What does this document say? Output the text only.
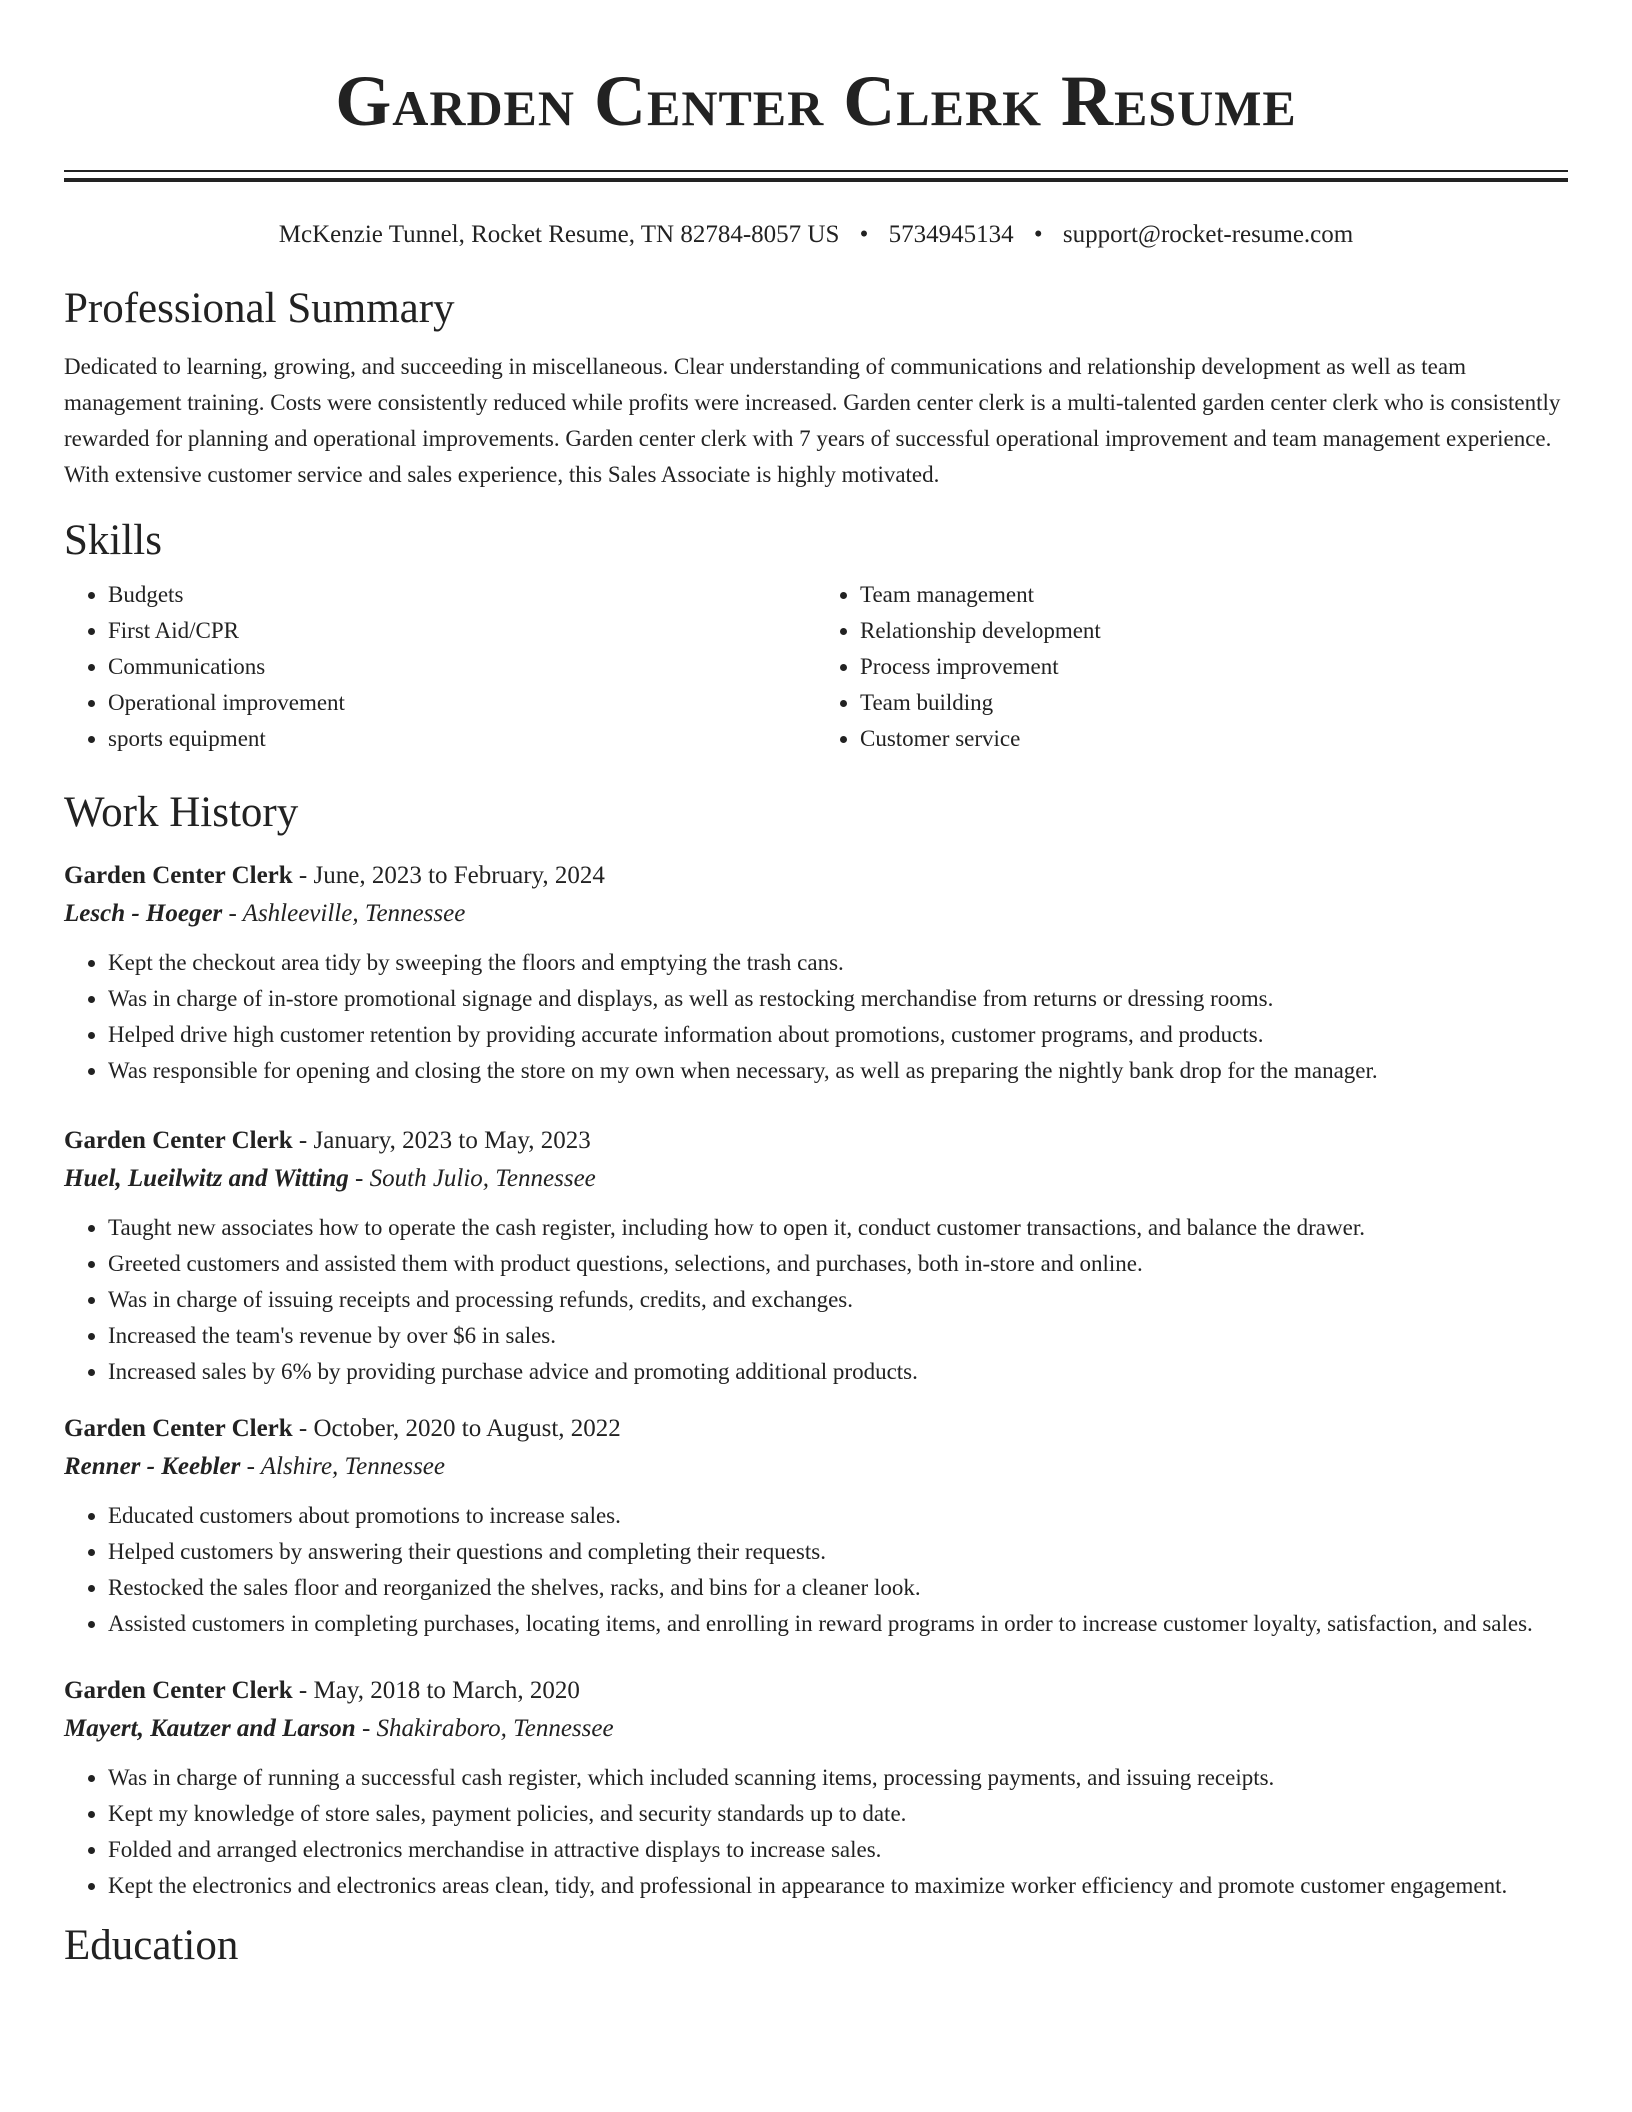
Garden Center Clerk Resume
McKenzie Tunnel, Rocket Resume, TN 82784-8057 US • 5734945134 • support@rocket-resume.com
Professional Summary

Dedicated to learning, growing, and succeeding in miscellaneous. Clear understanding of communications and relationship development as well as team management training. Costs were consistently reduced while profits were increased. Garden center clerk is a multi-talented garden center clerk who is consistently rewarded for planning and operational improvements. Garden center clerk with 7 years of successful operational improvement and team management experience. With extensive customer service and sales experience, this Sales Associate is highly motivated.

Skills
• Budgets
• First Aid/CPR
• Communications
• Operational improvement
• sports equipment
• Team management
• Relationship development
• Process improvement
• Team building
• Customer service
Work History
Garden Center Clerk - June, 2023 to February, 2024
Lesch - Hoeger - Ashleeville, Tennessee
• Kept the checkout area tidy by sweeping the floors and emptying the trash cans.
• Was in charge of in-store promotional signage and displays, as well as restocking merchandise from returns or dressing rooms.
• Helped drive high customer retention by providing accurate information about promotions, customer programs, and products.
• Was responsible for opening and closing the store on my own when necessary, as well as preparing the nightly bank drop for the manager.
Garden Center Clerk - January, 2023 to May, 2023
Huel, Lueilwitz and Witting - South Julio, Tennessee
• Taught new associates how to operate the cash register, including how to open it, conduct customer transactions, and balance the drawer.
• Greeted customers and assisted them with product questions, selections, and purchases, both in-store and online.
• Was in charge of issuing receipts and processing refunds, credits, and exchanges.
• Increased the team's revenue by over $6 in sales.
• Increased sales by 6% by providing purchase advice and promoting additional products.
Garden Center Clerk - October, 2020 to August, 2022
Renner - Keebler - Alshire, Tennessee
• Educated customers about promotions to increase sales.
• Helped customers by answering their questions and completing their requests.
• Restocked the sales floor and reorganized the shelves, racks, and bins for a cleaner look.
• Assisted customers in completing purchases, locating items, and enrolling in reward programs in order to increase customer loyalty, satisfaction, and sales.
Garden Center Clerk - May, 2018 to March, 2020
Mayert, Kautzer and Larson - Shakiraboro, Tennessee
• Was in charge of running a successful cash register, which included scanning items, processing payments, and issuing receipts.
• Kept my knowledge of store sales, payment policies, and security standards up to date.
• Folded and arranged electronics merchandise in attractive displays to increase sales.
• Kept the electronics and electronics areas clean, tidy, and professional in appearance to maximize worker efficiency and promote customer engagement.
Education
